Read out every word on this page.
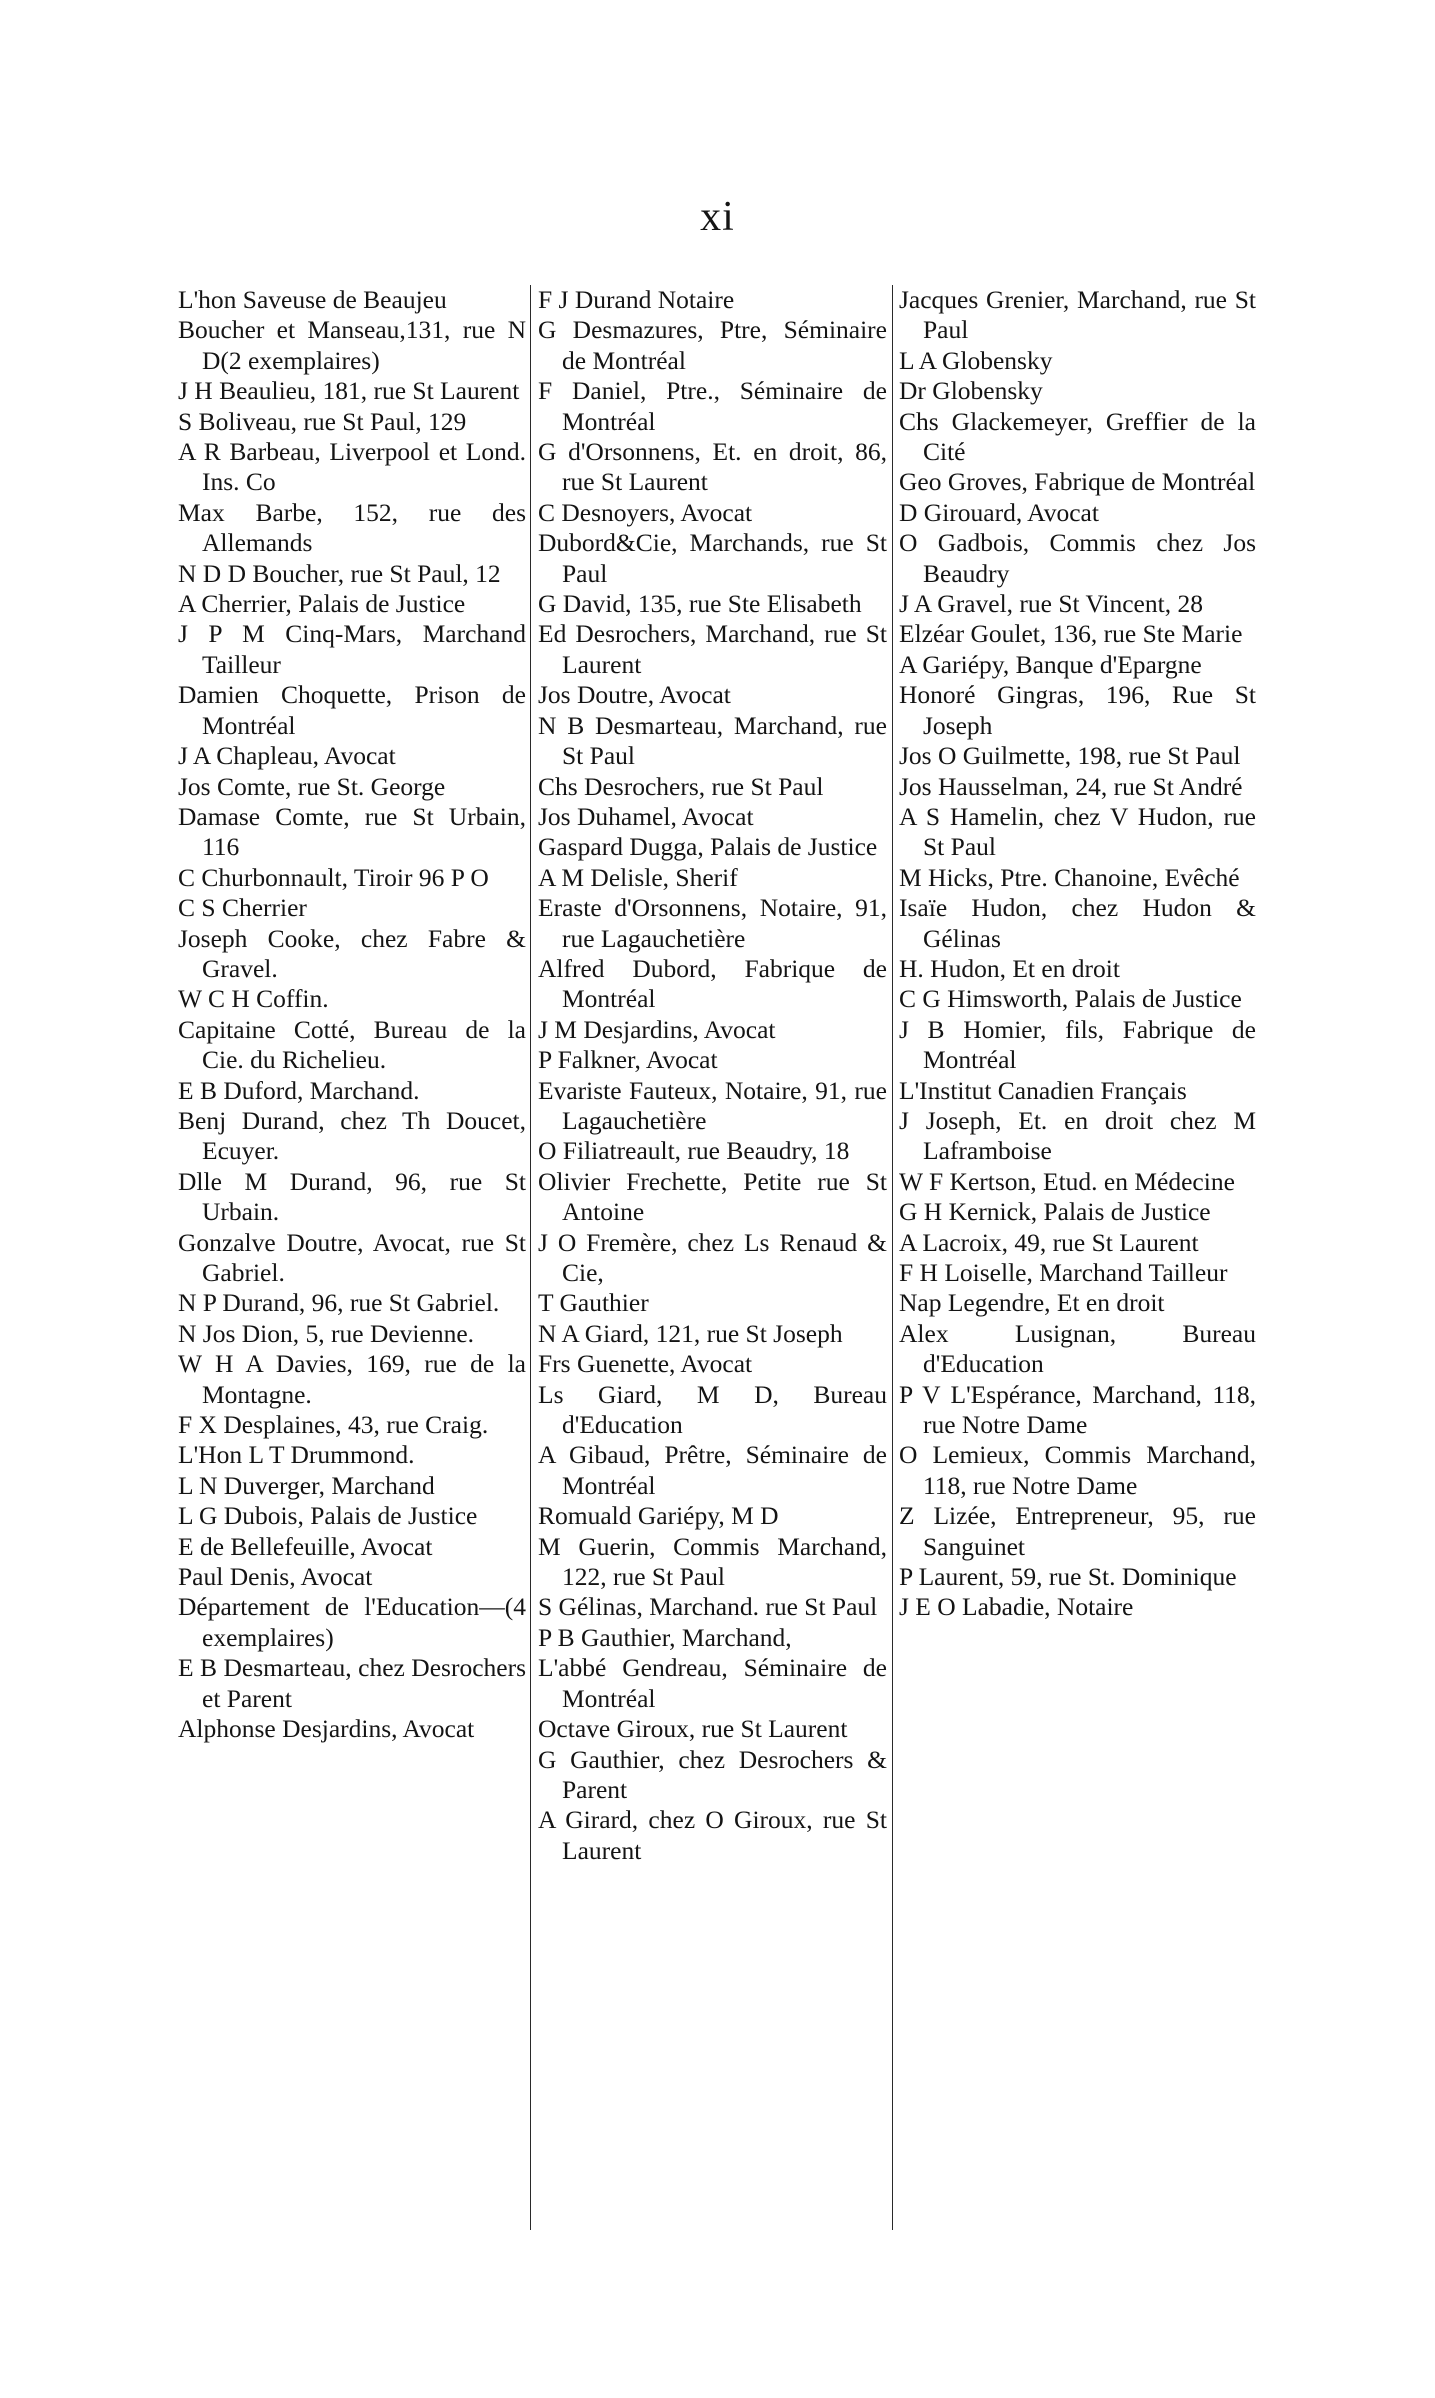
xi

L'hon Saveuse de Beaujeu

Boucher et Manseau,131, rue N D(2 exemplaires)

J H Beaulieu, 181, rue St Laurent

S Boliveau, rue St Paul, 129

A R Barbeau, Liverpool et Lond. Ins. Co

Max Barbe, 152, rue des Allemands

N D D Boucher, rue St Paul, 12

A Cherrier, Palais de Justice

J P M Cinq-Mars, Marchand Tailleur

Damien Choquette, Prison de Montréal

J A Chapleau, Avocat

Jos Comte, rue St. George

Damase Comte, rue St Urbain, 116

C Churbonnault, Tiroir 96 P O

C S Cherrier

Joseph Cooke, chez Fabre & Gravel.

W C H Coffin.

Capitaine Cotté, Bureau de la Cie. du Richelieu.

E B Duford, Marchand.

Benj Durand, chez Th Doucet, Ecuyer.

Dlle M Durand, 96, rue St Urbain.

Gonzalve Doutre, Avocat, rue St Gabriel.

N P Durand, 96, rue St Gabriel.

N Jos Dion, 5, rue Devienne.

W H A Davies, 169, rue de la Montagne.

F X Desplaines, 43, rue Craig.

L'Hon L T Drummond.

L N Duverger, Marchand

L G Dubois, Palais de Justice

E de Bellefeuille, Avocat

Paul Denis, Avocat

Département de l'Education—(4 exemplaires)

E B Desmarteau, chez Desrochers et Parent

Alphonse Desjardins, Avocat

F J Durand Notaire

G Desmazures, Ptre, Séminaire de Montréal

F Daniel, Ptre., Séminaire de Montréal

G d'Orsonnens, Et. en droit, 86, rue St Laurent

C Desnoyers, Avocat

Dubord&Cie, Marchands, rue St Paul

G David, 135, rue Ste Elisabeth

Ed Desrochers, Marchand, rue St Laurent

Jos Doutre, Avocat

N B Desmarteau, Marchand, rue St Paul

Chs Desrochers, rue St Paul

Jos Duhamel, Avocat

Gaspard Dugga, Palais de Justice

A M Delisle, Sherif

Eraste d'Orsonnens, Notaire, 91, rue Lagauchetière

Alfred Dubord, Fabrique de Montréal

J M Desjardins, Avocat

P Falkner, Avocat

Evariste Fauteux, Notaire, 91, rue Lagauchetière

O Filiatreault, rue Beaudry, 18

Olivier Frechette, Petite rue St Antoine

J O Fremère, chez Ls Renaud & Cie,

T Gauthier

N A Giard, 121, rue St Joseph

Frs Guenette, Avocat

Ls Giard, M D, Bureau d'Education

A Gibaud, Prêtre, Séminaire de Montréal

Romuald Gariépy, M D

M Guerin, Commis Marchand, 122, rue St Paul

S Gélinas, Marchand. rue St Paul

P B Gauthier, Marchand,

L'abbé Gendreau, Séminaire de Montréal

Octave Giroux, rue St Laurent

G Gauthier, chez Desrochers & Parent

A Girard, chez O Giroux, rue St Laurent

Jacques Grenier, Marchand, rue St Paul

L A Globensky

Dr Globensky

Chs Glackemeyer, Greffier de la Cité

Geo Groves, Fabrique de Montréal

D Girouard, Avocat

O Gadbois, Commis chez Jos Beaudry

J A Gravel, rue St Vincent, 28

Elzéar Goulet, 136, rue Ste Marie

A Gariépy, Banque d'Epargne

Honoré Gingras, 196, Rue St Joseph

Jos O Guilmette, 198, rue St Paul

Jos Hausselman, 24, rue St André

A S Hamelin, chez V Hudon, rue St Paul

M Hicks, Ptre. Chanoine, Evêché

Isaïe Hudon, chez Hudon & Gélinas

H. Hudon, Et en droit

C G Himsworth, Palais de Justice

J B Homier, fils, Fabrique de Montréal

L'Institut Canadien Français

J Joseph, Et. en droit chez M Laframboise

W F Kertson, Etud. en Médecine

G H Kernick, Palais de Justice

A Lacroix, 49, rue St Laurent

F H Loiselle, Marchand Tailleur

Nap Legendre, Et en droit

Alex Lusignan, Bureau d'Education

P V L'Espérance, Marchand, 118, rue Notre Dame

O Lemieux, Commis Marchand, 118, rue Notre Dame

Z Lizée, Entrepreneur, 95, rue Sanguinet

P Laurent, 59, rue St. Dominique

J E O Labadie, Notaire
